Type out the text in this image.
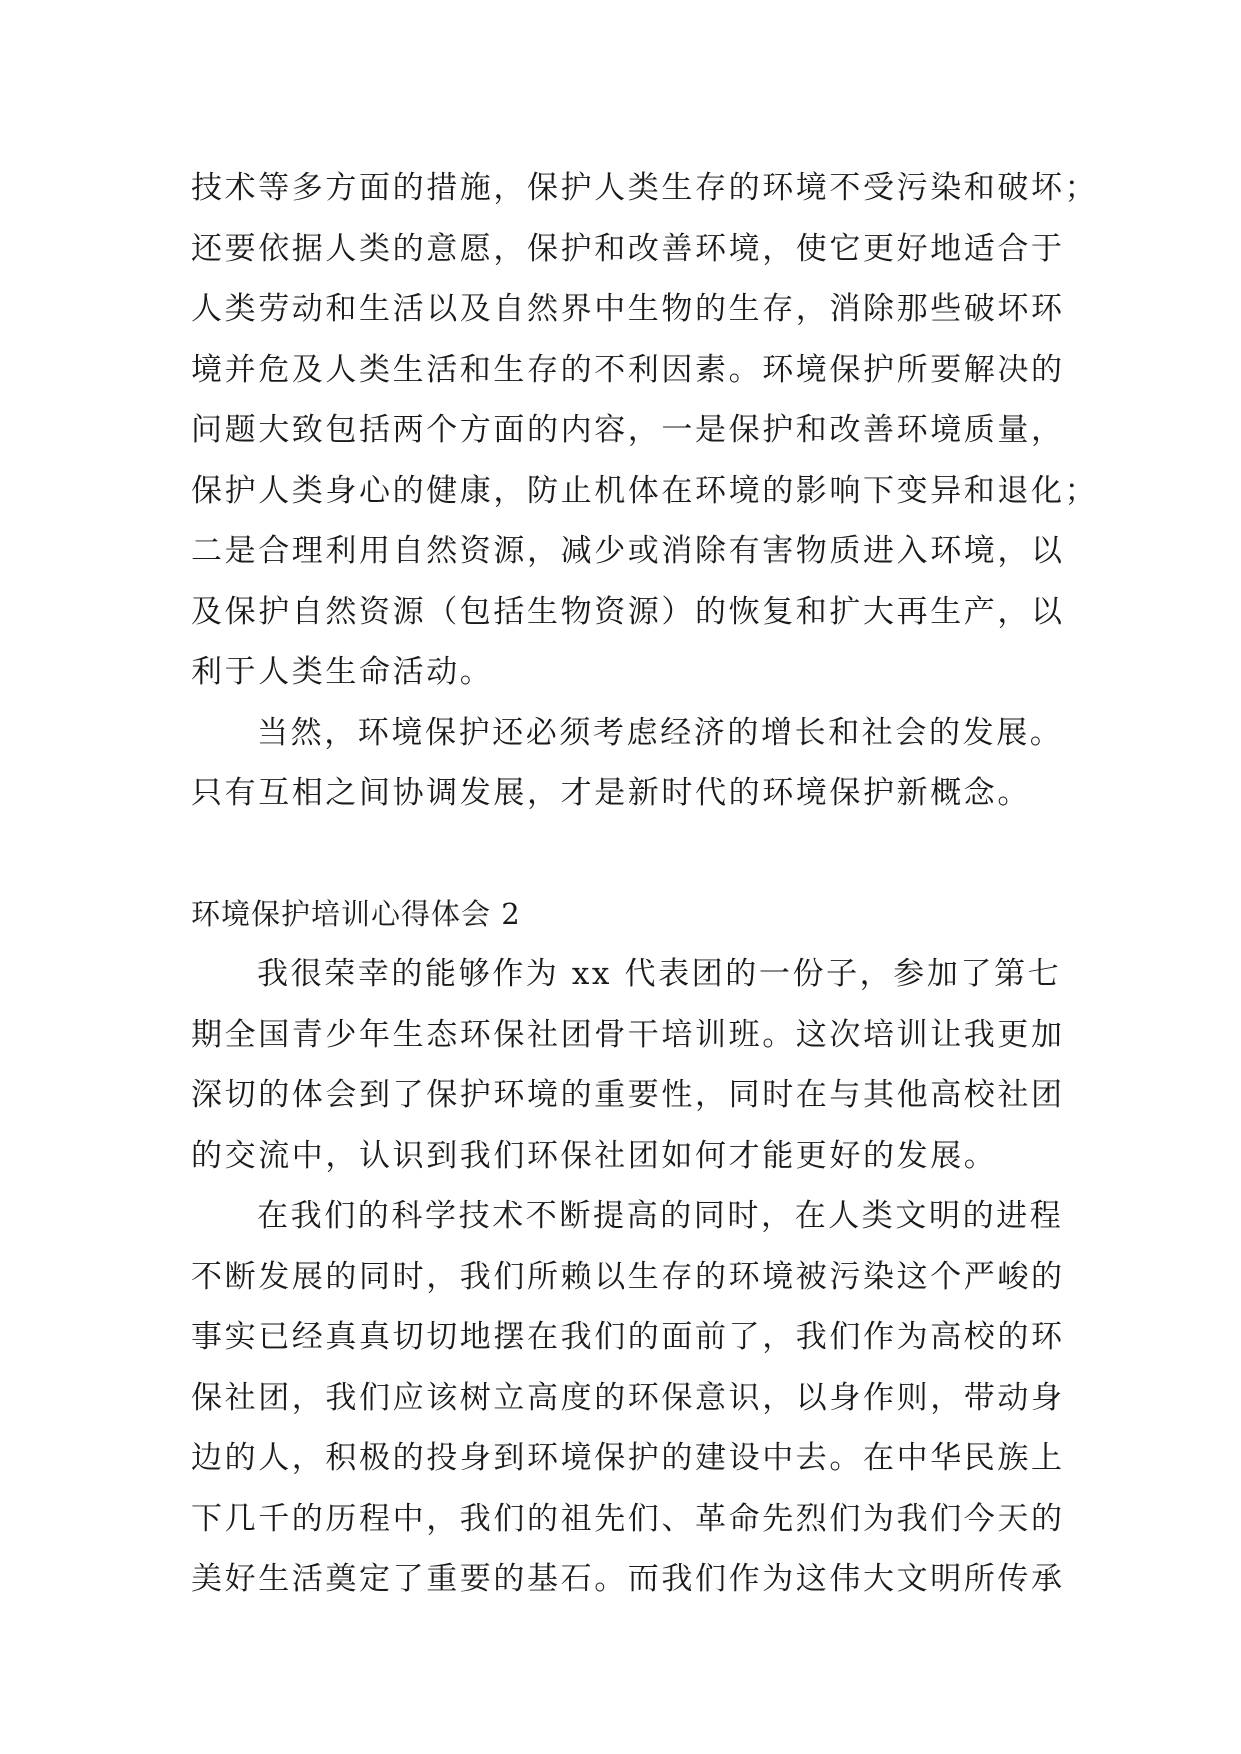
技术等多方面的措施，保护人类生存的环境不受污染和破坏；
还要依据人类的意愿，保护和改善环境，使它更好地适合于
人类劳动和生活以及自然界中生物的生存，消除那些破坏环
境并危及人类生活和生存的不利因素。环境保护所要解决的
问题大致包括两个方面的内容，一是保护和改善环境质量，
保护人类身心的健康，防止机体在环境的影响下变异和退化；
二是合理利用自然资源，减少或消除有害物质进入环境，以
及保护自然资源（包括生物资源）的恢复和扩大再生产，以
利于人类生命活动。
当然，环境保护还必须考虑经济的增长和社会的发展。
只有互相之间协调发展，才是新时代的环境保护新概念。
环境保护培训心得体会 2
我很荣幸的能够作为 xx 代表团的一份子，参加了第七
期全国青少年生态环保社团骨干培训班。这次培训让我更加
深切的体会到了保护环境的重要性，同时在与其他高校社团
的交流中，认识到我们环保社团如何才能更好的发展。
在我们的科学技术不断提高的同时，在人类文明的进程
不断发展的同时，我们所赖以生存的环境被污染这个严峻的
事实已经真真切切地摆在我们的面前了，我们作为高校的环
保社团，我们应该树立高度的环保意识，以身作则，带动身
边的人，积极的投身到环境保护的建设中去。在中华民族上
下几千的历程中，我们的祖先们、革命先烈们为我们今天的
美好生活奠定了重要的基石。而我们作为这伟大文明所传承
